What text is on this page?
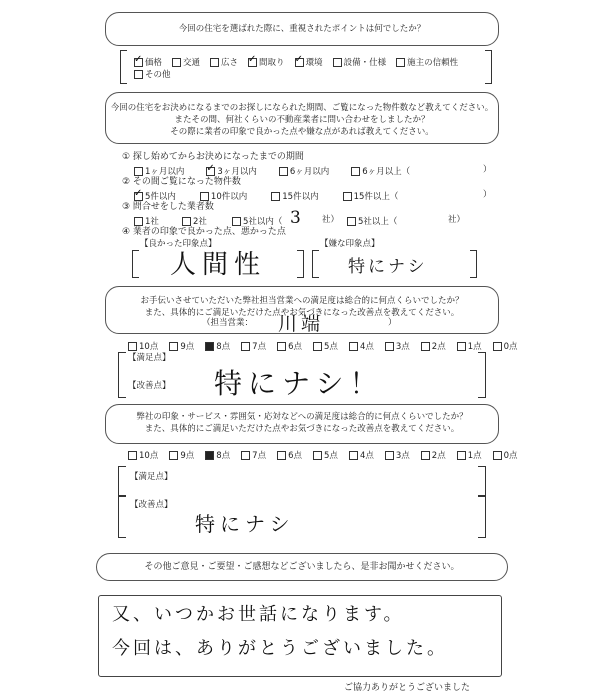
今回の住宅を選ばれた際に、重視されたポイントは何でしたか？
✓
価格 交通 広さ ✓ 間取り ✓ 環境 設備・仕様 施主の信頼性
その他
今回の住宅をお決めになるまでのお探しになられた期間、ご覧になった物件数など教えてください。
またその間、何社くらいの不動産業者に問い合わせをしましたか？
その際に業者の印象で良かった点や嫌な点があれば教えてください。
① 探し始めてからお決めになったまでの期間
1ヶ月以内 ✓	3ヶ月以内	6ヶ月以内	6ヶ月以上（	）
② その間ご覧になった物件数
✓
5件以内	10件以内	15件以内	15件以上（	）
③ 問合せをした業者数
1社	2社	5社以内（ 3 社） 5社以上（	社）
④ 業者の印象で良かった点、悪かった点
【良かった印象点】	【嫌な印象点】
人間性	特にナシ
お手伝いさせていただいた弊社担当営業への満足度は総合的に何点くらいでしたか？
また、具体的にご満足いただけた点やお気づきになった改善点を教えてください。
（担当営業： 川端	）
10点	9点	8点	7点	6点	5点	4点	3点	2点	1点	0点
【満足点】
【改善点】 特にナシ！
弊社の印象・サービス・雰囲気・応対などへの満足度は総合的に何点くらいでしたか？
また、具体的にご満足いただけた点やお気づきになった改善点を教えてください。
10点	9点	8点	7点	6点	5点	4点	3点	2点	1点	0点
【満足点】
【改善点】
特にナシ
その他ご意見・ご要望・ご感想などございましたら、是非お聞かせください。
又、いつかお世話になります。
今回は、ありがとうございました。
ご協力ありがとうございました
